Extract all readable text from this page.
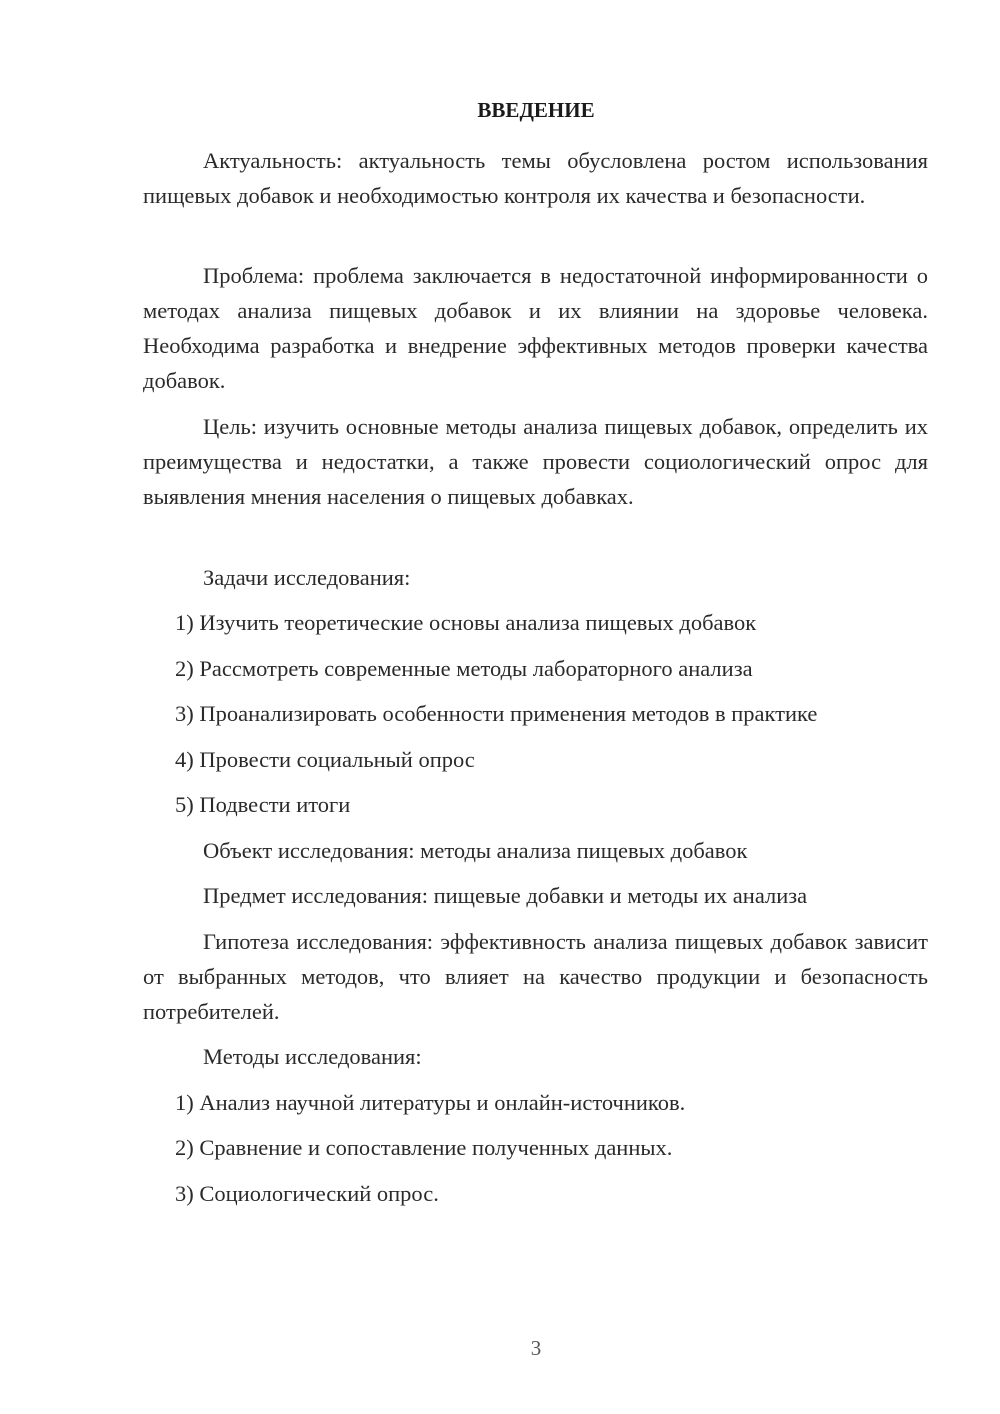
ВВЕДЕНИЕ
Актуальность: актуальность темы обусловлена ростом использования пищевых добавок и необходимостью контроля их качества и безопасности.
Проблема: проблема заключается в недостаточной информированности о методах анализа пищевых добавок и их влиянии на здоровье человека. Необходима разработка и внедрение эффективных методов проверки качества добавок.
Цель: изучить основные методы анализа пищевых добавок, определить их преимущества и недостатки, а также провести социологический опрос для выявления мнения населения о пищевых добавках.
Задачи исследования:
1) Изучить теоретические основы анализа пищевых добавок
2) Рассмотреть современные методы лабораторного анализа
3) Проанализировать особенности применения методов в практике
4) Провести социальный опрос
5) Подвести итоги
Объект исследования: методы анализа пищевых добавок
Предмет исследования: пищевые добавки и методы их анализа
Гипотеза исследования: эффективность анализа пищевых добавок зависит от выбранных методов, что влияет на качество продукции и безопасность потребителей.
Методы исследования:
1) Анализ научной литературы и онлайн-источников.
2) Сравнение и сопоставление полученных данных.
3) Социологический опрос.
3
